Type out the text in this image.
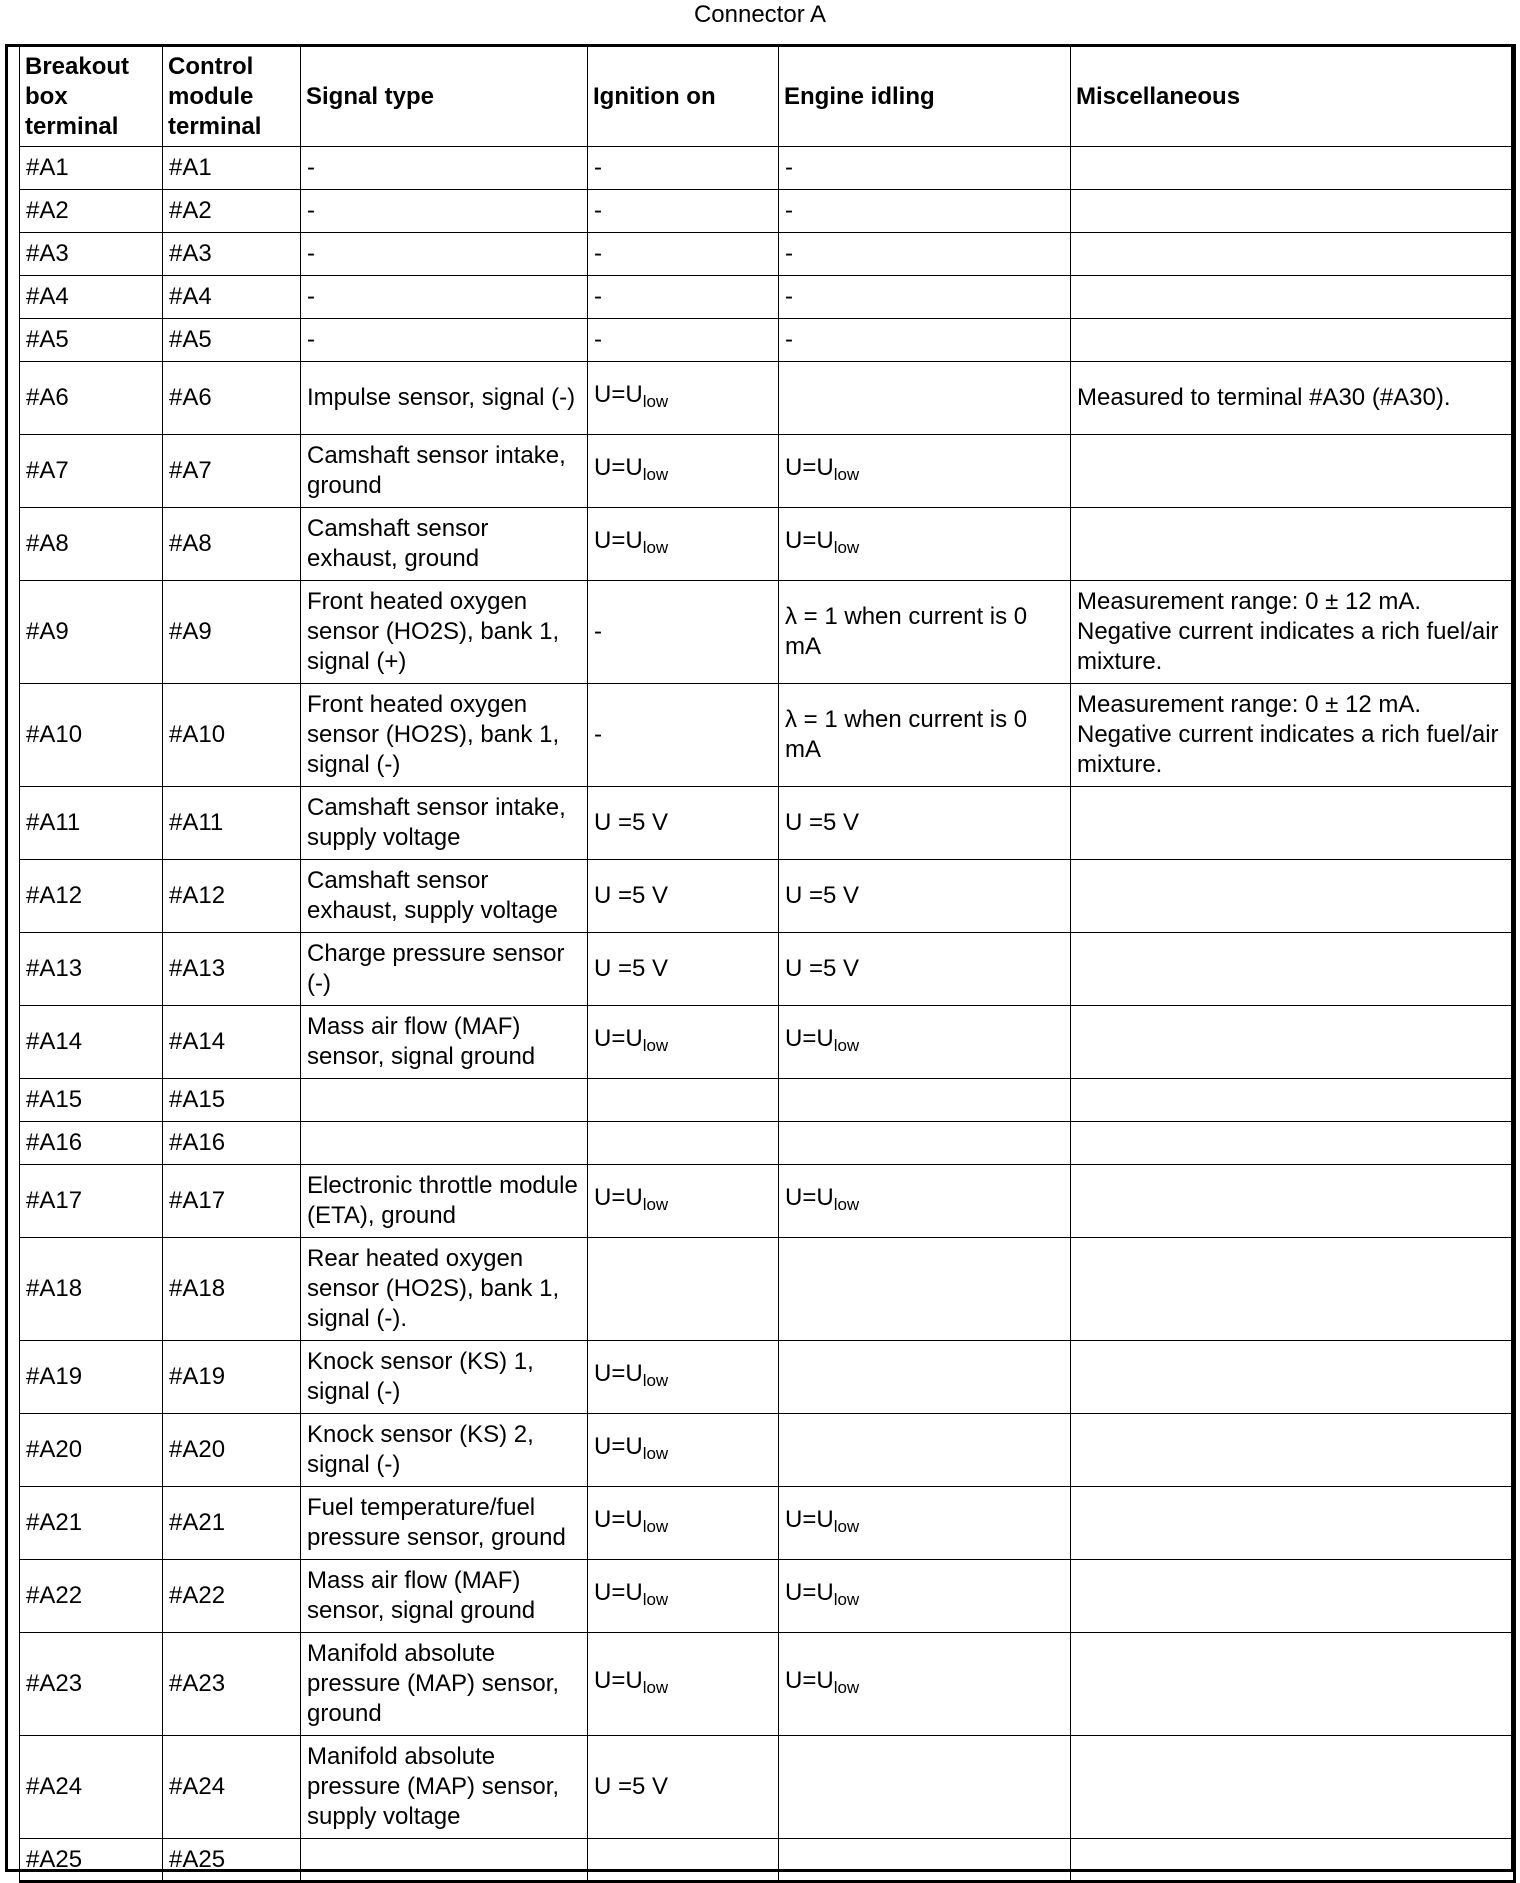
Connector A
Breakout box terminal	Control module terminal	Signal type	Ignition on	Engine idling	Miscellaneous
#A1	#A1	-	-	-	
#A2	#A2	-	-	-	
#A3	#A3	-	-	-	
#A4	#A4	-	-	-	
#A5	#A5	-	-	-	
#A6	#A6	Impulse sensor, signal (-)	$U=U_{low}$		Measured to terminal #A30 (#A30).
#A7	#A7	Camshaft sensor intake, ground	$U=U_{low}$	$U=U_{low}$	
#A8	#A8	Camshaft sensor exhaust, ground	$U=U_{low}$	$U=U_{low}$	
#A9	#A9	Front heated oxygen sensor (HO2S), bank 1, signal (+)	-	λ = 1 when current is 0 mA	Measurement range: 0 ± 12 mA. Negative current indicates a rich fuel/air mixture.
#A10	#A10	Front heated oxygen sensor (HO2S), bank 1, signal (-)	-	λ = 1 when current is 0 mA	Measurement range: 0 ± 12 mA. Negative current indicates a rich fuel/air mixture.
#A11	#A11	Camshaft sensor intake, supply voltage	U =5 V	U =5 V	
#A12	#A12	Camshaft sensor exhaust, supply voltage	U =5 V	U =5 V	
#A13	#A13	Charge pressure sensor (-)	U =5 V	U =5 V	
#A14	#A14	Mass air flow (MAF) sensor, signal ground	$U=U_{low}$	$U=U_{low}$	
#A15	#A15				
#A16	#A16				
#A17	#A17	Electronic throttle module (ETA), ground	$U=U_{low}$	$U=U_{low}$	
#A18	#A18	Rear heated oxygen sensor (HO2S), bank 1, signal (-).			
#A19	#A19	Knock sensor (KS) 1, signal (-)	$U=U_{low}$		
#A20	#A20	Knock sensor (KS) 2, signal (-)	$U=U_{low}$		
#A21	#A21	Fuel temperature/fuel pressure sensor, ground	$U=U_{low}$	$U=U_{low}$	
#A22	#A22	Mass air flow (MAF) sensor, signal ground	$U=U_{low}$	$U=U_{low}$	
#A23	#A23	Manifold absolute pressure (MAP) sensor, ground	$U=U_{low}$	$U=U_{low}$	
#A24	#A24	Manifold absolute pressure (MAP) sensor, supply voltage	U =5 V		
#A25	#A25				
